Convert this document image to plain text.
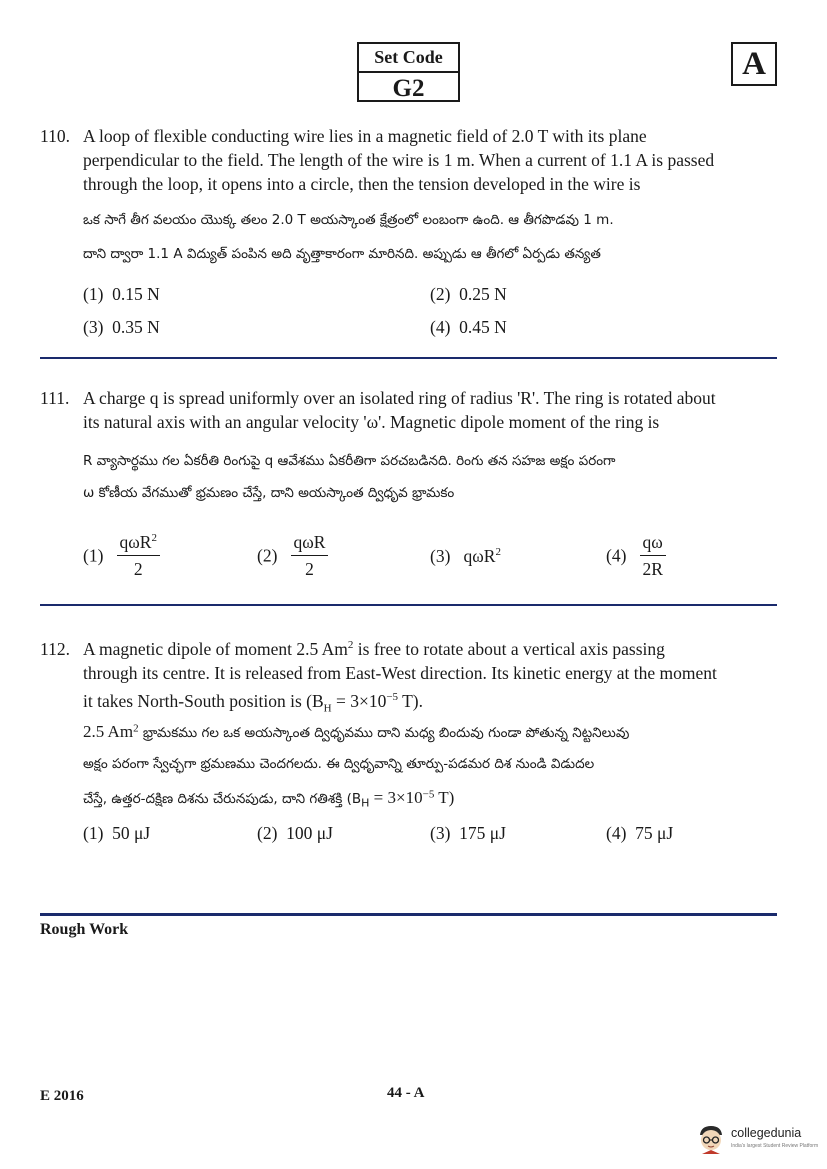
Set Code
G2
A
110. A loop of flexible conducting wire lies in a magnetic field of 2.0 T with its plane
perpendicular to the field. The length of the wire is 1 m. When a current of 1.1 A is passed
through the loop, it opens into a circle, then the tension developed in the wire is
ఒక సాగే తీగ వలయం యొక్క తలం 2.0 T అయస్కాంత క్షేత్రంలో లంబంగా ఉంది. ఆ తీగపొడవు 1 m.
దాని ద్వారా 1.1 A విద్యుత్ పంపిన అది వృత్తాకారంగా మారినది. అప్పుడు ఆ తీగలో ఏర్పడు తన్యత
(1) 0.15 N	(2) 0.25 N
(3) 0.35 N	(4) 0.45 N
111. A charge q is spread uniformly over an isolated ring of radius 'R'. The ring is rotated about
its natural axis with an angular velocity 'ω'. Magnetic dipole moment of the ring is
R వ్యాసార్థము గల ఏకరీతి రింగుపై q ఆవేశము ఏకరీతిగా పరచబడినది. రింగు తన సహజ అక్షం పరంగా
ω కోణీయ వేగముతో భ్రమణం చేస్తే, దాని అయస్కాంత ద్విధృవ భ్రామకం
$(1) \frac{q\omega R^2}{2}$	$(2) \frac{\text{qωR}}{2}$	(3) qωR$^2$	$(4) \frac{q\omega}{2R}$
112. A magnetic dipole of moment 2.5 Am$^2$ is free to rotate about a vertical axis passing
through its centre. It is released from East-West direction. Its kinetic energy at the moment
it takes North-South position is ($B_H = 3\times 10^{-5}$ T).
2.5 Am$^2$ భ్రామకము గల ఒక అయస్కాంత ద్విధృవము దాని మధ్య బిందువు గుండా పోతున్న నిట్టనిలువు
అక్షం పరంగా స్వేచ్ఛగా భ్రమణము చెందగలదు. ఈ ద్విధృవాన్ని తూర్పు-పడమర దిశ నుండి విడుదల
చేస్తే, ఉత్తర-దక్షిణ దిశను చేరునపుడు, దాని గతిశక్తి ($B_H = 3\times 10^{-5}$ T)
(1) 50 μJ	(2) 100 μJ	(3) 175 μJ	(4) 75 μJ
Rough Work
E 2016	44 - A
collegedunia
India's largest Student Review Platform
